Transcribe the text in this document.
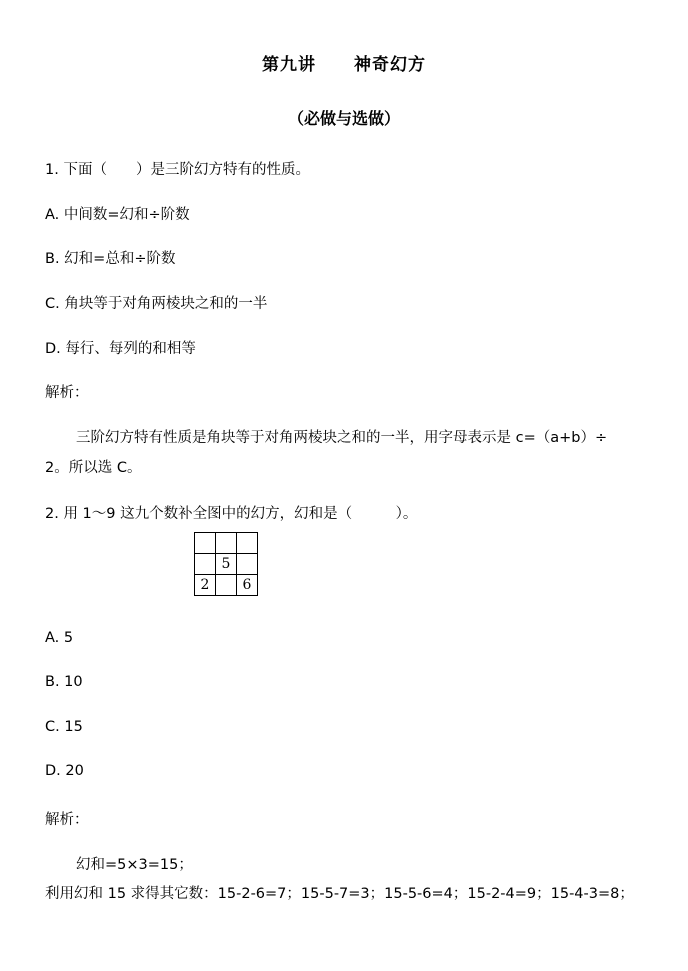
第九讲 神奇幻方
（必做与选做）
1. 下面（　　）是三阶幻方特有的性质。
A. 中间数=幻和÷阶数
B. 幻和=总和÷阶数
C. 角块等于对角两棱块之和的一半
D. 每行、每列的和相等
解析：
三阶幻方特有性质是角块等于对角两棱块之和的一半，用字母表示是 c=（a+b）÷
2。所以选 C。
2. 用 1～9 这九个数补全图中的幻方，幻和是（　　　）。

	5	
2		6
A. 5
B. 10
C. 15
D. 20
解析：
幻和=5×3=15；
利用幻和 15 求得其它数：15-2-6=7；15-5-7=3；15-5-6=4；15-2-4=9；15-4-3=8；
